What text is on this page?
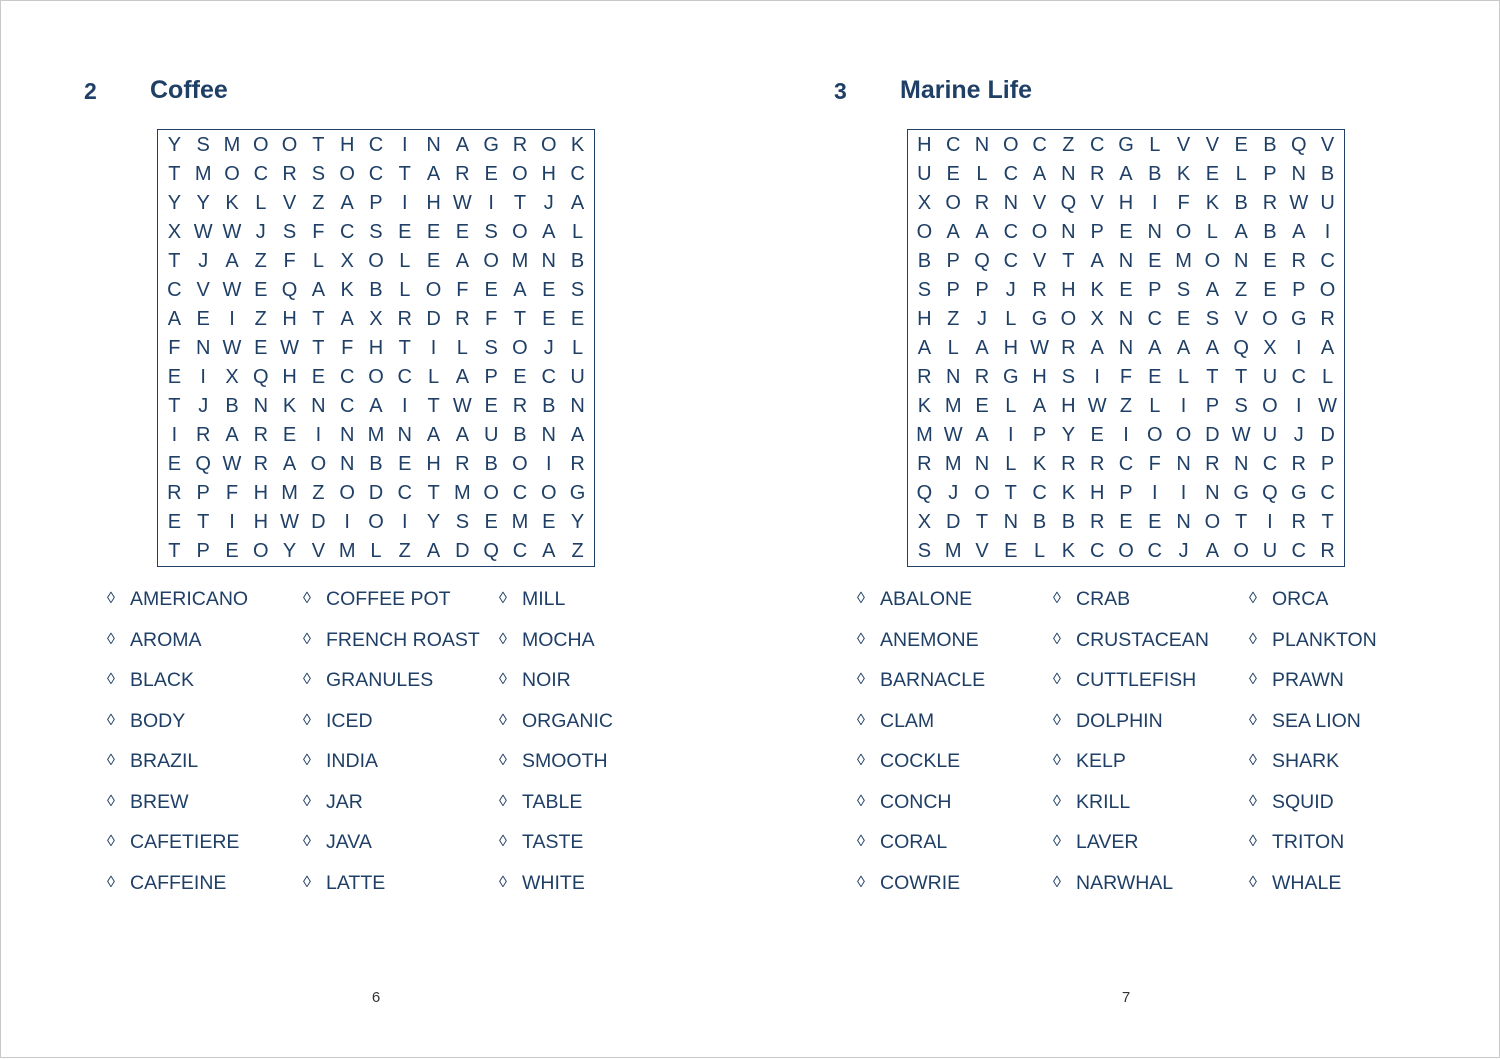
2 Coffee
Y S M O O T H C I N A G R O K
T M O C R S O C T A R E O H C
Y Y K L V Z A P I H W I T J A
X W W J S F C S E E E S O A L
T J A Z F L X O L E A O M N B
C V W E Q A K B L O F E A E S
A E I Z H T A X R D R F T E E
F N W E W T F H T I	L S O J L
E I X Q H E C O C L A P E C U
T J B N K N C A I T W E R B N
I R A R E I N M N A A U B N A
E Q W R A O N B E H R B O I R
R P F H M Z O D C T M O C O G
E T I H W D I O I Y S E M E Y
T P E O Y V M L Z A D Q C A Z
◊ AMERICANO
◊ AROMA
◊ BLACK
◊ BODY
◊ BRAZIL
◊ BREW
◊ CAFETIERE
◊ CAFFEINE
◊ COFFEE POT
◊ FRENCH ROAST
◊ GRANULES
◊ ICED
◊ INDIA
◊ JAR
◊ JAVA
◊ LATTE
◊ MILL
◊ MOCHA
◊ NOIR
◊ ORGANIC
◊ SMOOTH
◊ TABLE
◊ TASTE
◊ WHITE
6
3 Marine Life
H C N O C Z C G L V V E B Q V
U E L C A N R A B K E L P N B
X O R N V Q V H I F K B R W U
O A A C O N P E N O L A B A I
B P Q C V T A N E M O N E R C
S P P J R H K E P S A Z E P O
H Z J L G O X N C E S V O G R
A L A H W R A N A A A Q X I A
R N R G H S I F E L T T U C L
K M E L A H W Z L	I P S O I W
M W A I P Y E I O O D W U J D
R M N L K R R C F N R N C R P
Q J O T C K H P I	I N G Q G C
X D T N B B R E E N O T I R T
S M V E L K C O C J A O U C R
◊ ABALONE
◊ ANEMONE
◊ BARNACLE
◊ CLAM
◊ COCKLE
◊ CONCH
◊ CORAL
◊ COWRIE
◊ CRAB
◊ CRUSTACEAN
◊ CUTTLEFISH
◊ DOLPHIN
◊ KELP
◊ KRILL
◊ LAVER
◊ NARWHAL
◊ ORCA
◊ PLANKTON
◊ PRAWN
◊ SEA LION
◊ SHARK
◊ SQUID
◊ TRITON
◊ WHALE
7
